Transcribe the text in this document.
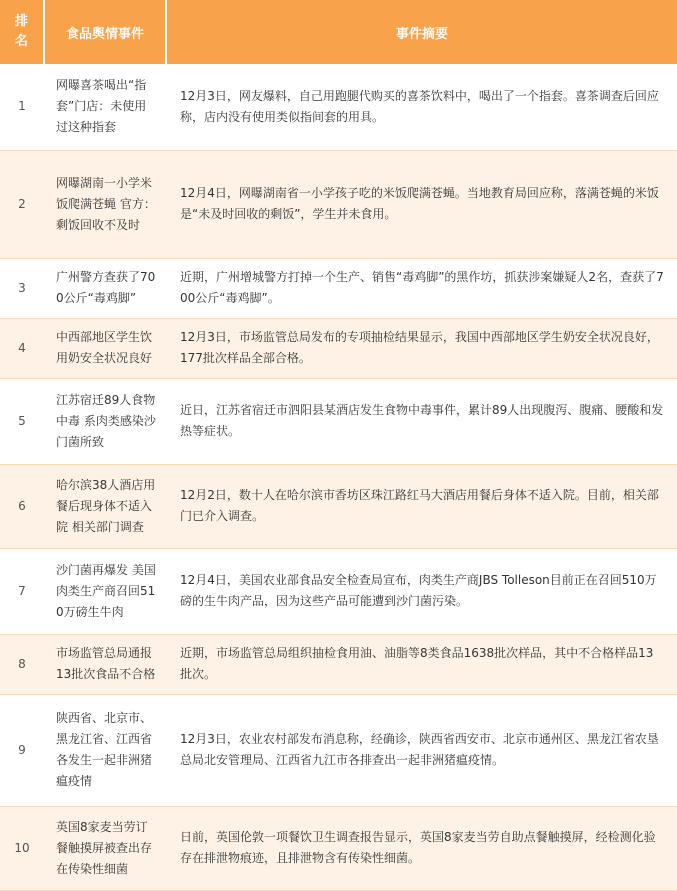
排
名	食品舆情事件	事件摘要
1	网曝喜茶喝出“指套”门店：未使用过这种指套	12月3日，网友爆料，自己用跑腿代购买的喜茶饮料中，喝出了一个指套。喜茶调查后回应称，店内没有使用类似指间套的用具。
2	网曝湖南一小学米饭爬满苍蝇 官方：剩饭回收不及时	12月4日，网曝湖南省一小学孩子吃的米饭爬满苍蝇。当地教育局回应称，落满苍蝇的米饭是“未及时回收的剩饭”，学生并未食用。
3	广州警方查获了700公斤“毒鸡脚”	近期，广州增城警方打掉一个生产、销售“毒鸡脚”的黑作坊，抓获涉案嫌疑人2名，查获了700公斤“毒鸡脚”。
4	中西部地区学生饮用奶安全状况良好	12月3日，市场监管总局发布的专项抽检结果显示，我国中西部地区学生奶安全状况良好，177批次样品全部合格。
5	江苏宿迁89人食物中毒 系肉类感染沙门菌所致	近日，江苏省宿迁市泗阳县某酒店发生食物中毒事件，累计89人出现腹泻、腹痛、腰酸和发热等症状。
6	哈尔滨38人酒店用餐后现身体不适入院 相关部门调查	12月2日，数十人在哈尔滨市香坊区珠江路红马大酒店用餐后身体不适入院。目前，相关部门已介入调查。
7	沙门菌再爆发 美国肉类生产商召回510万磅生牛肉	12月4日，美国农业部食品安全检查局宣布，肉类生产商JBS Tolleson目前正在召回510万磅的生牛肉产品，因为这些产品可能遭到沙门菌污染。
8	市场监管总局通报13批次食品不合格	近期，市场监管总局组织抽检食用油、油脂等8类食品1638批次样品，其中不合格样品13批次。
9	陕西省、北京市、黑龙江省、江西省各发生一起非洲猪瘟疫情	12月3日，农业农村部发布消息称，经确诊，陕西省西安市、北京市通州区、黑龙江省农垦总局北安管理局、江西省九江市各排查出一起非洲猪瘟疫情。
10	英国8家麦当劳订餐触摸屏被查出存在传染性细菌	日前，英国伦敦一项餐饮卫生调查报告显示，英国8家麦当劳自助点餐触摸屏，经检测化验存在排泄物痕迹，且排泄物含有传染性细菌。
